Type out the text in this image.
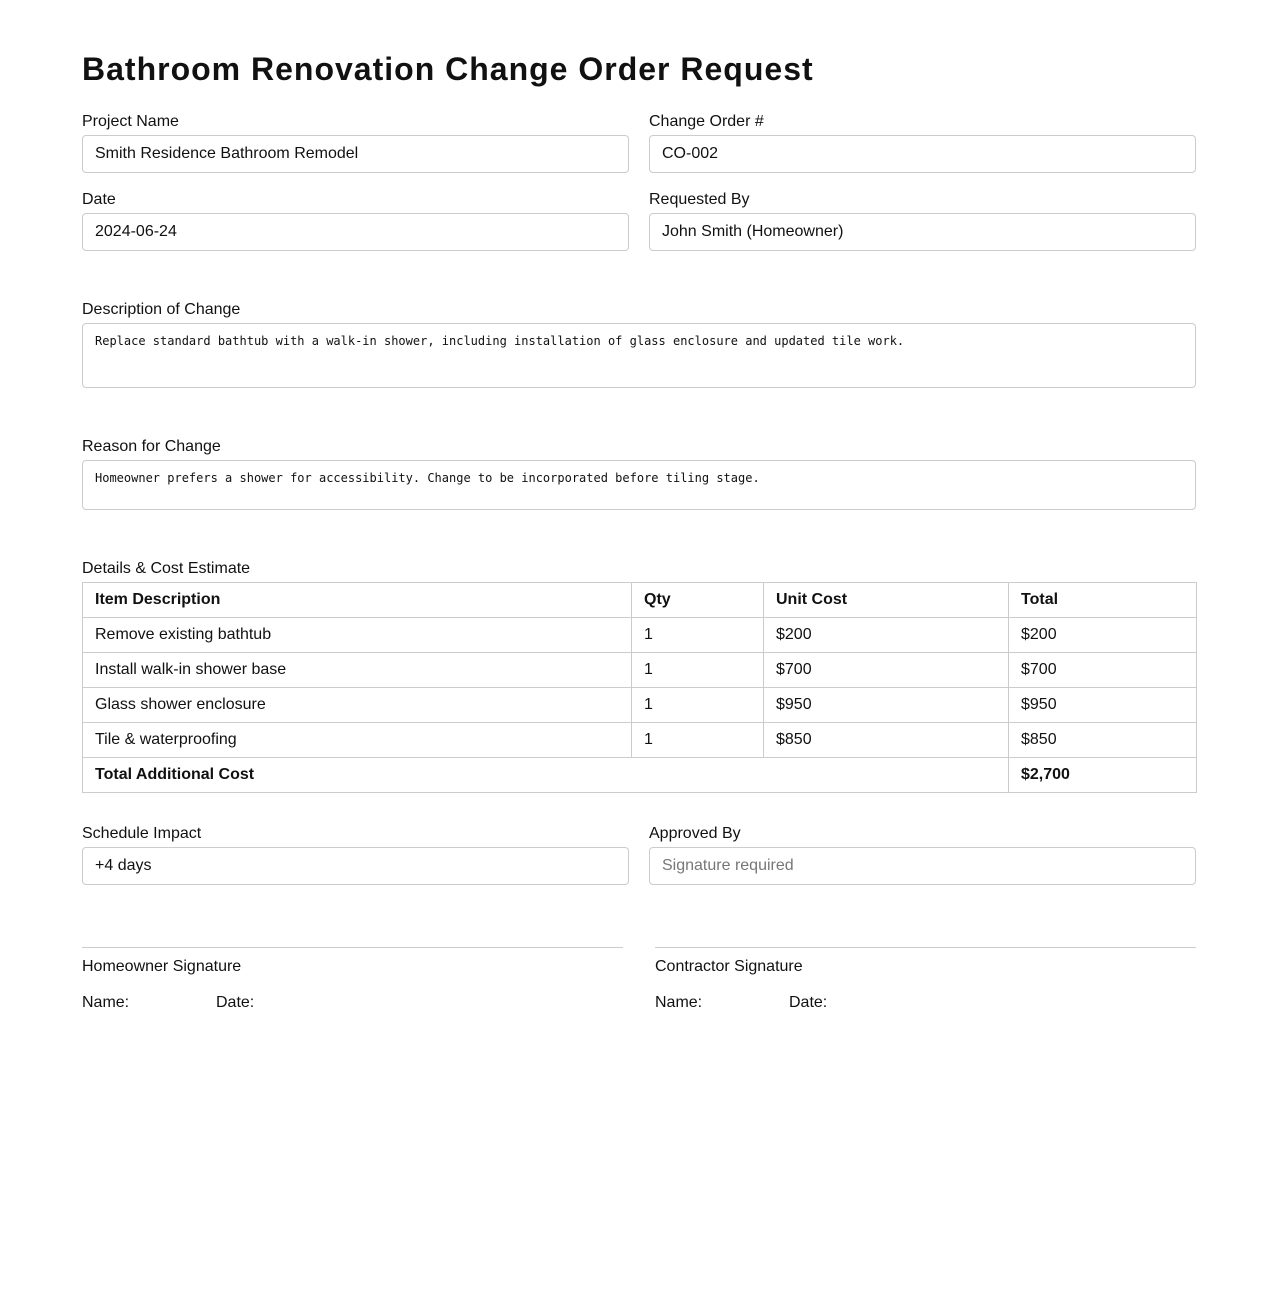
Bathroom Renovation Change Order Request
Project Name
Smith Residence Bathroom Remodel
Change Order #
CO-002
Date
2024-06-24
Requested By
John Smith (Homeowner)
Description of Change
Replace standard bathtub with a walk-in shower, including installation of glass enclosure and updated tile work.
Reason for Change
Homeowner prefers a shower for accessibility. Change to be incorporated before tiling stage.
Details & Cost Estimate
Item Description	Qty	Unit Cost	Total
Remove existing bathtub	1	$200	$200
Install walk-in shower base	1	$700	$700
Glass shower enclosure	1	$950	$950
Tile & waterproofing	1	$850	$850
Total Additional Cost			$2,700
Schedule Impact
+4 days
Approved By
Signature required
Homeowner Signature
Name:	Date:
Contractor Signature
Name:	Date:
